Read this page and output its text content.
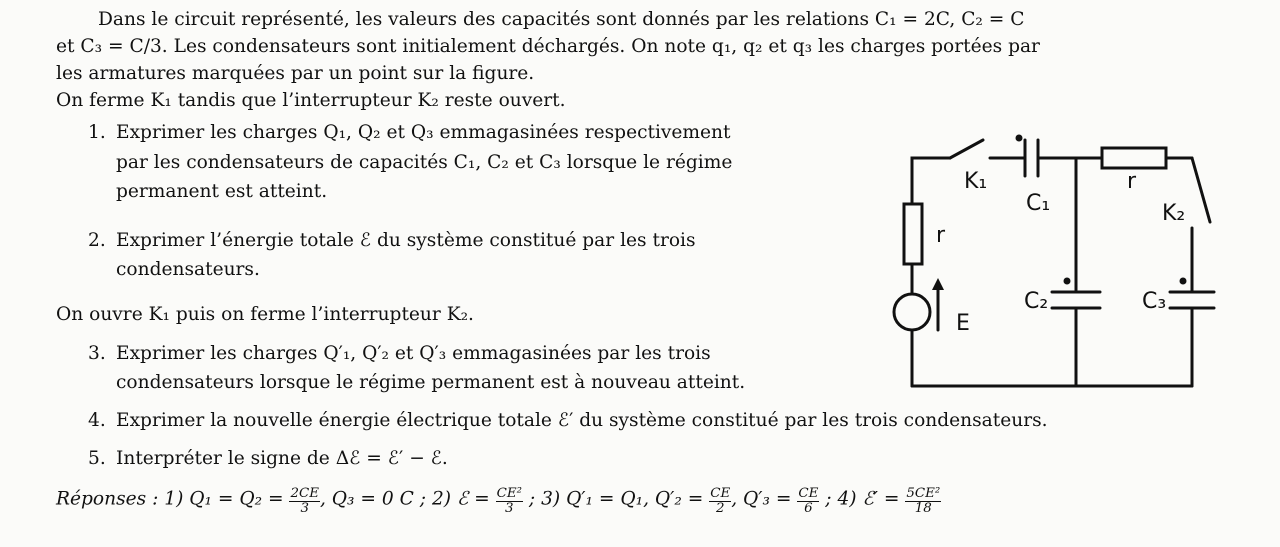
Dans le circuit représenté, les valeurs des capacités sont donnés par les relations C₁ = 2C, C₂ = C
et C₃ = C/3. Les condensateurs sont initialement déchargés. On note q₁, q₂ et q₃ les charges portées par
les armatures marquées par un point sur la figure.
On ferme K₁ tandis que l’interrupteur K₂ reste ouvert.
1. Exprimer les charges Q₁, Q₂ et Q₃ emmagasinées respectivement
par les condensateurs de capacités C₁, C₂ et C₃ lorsque le régime
permanent est atteint.
2. Exprimer l’énergie totale ℰ du système constitué par les trois
condensateurs.
On ouvre K₁ puis on ferme l’interrupteur K₂.
3. Exprimer les charges Q′₁, Q′₂ et Q′₃ emmagasinées par les trois
condensateurs lorsque le régime permanent est à nouveau atteint.
4. Exprimer la nouvelle énergie électrique totale ℰ′ du système constitué par les trois condensateurs.
5. Interpréter le signe de Δℰ = ℰ′ − ℰ.
Réponses : 1) $Q_1 = Q_2 = \frac{2CE}{3}$ , Q₃ = 0 C ; 2) ℰ = $\frac{\text{CE²}}{3}$ ; 3) Q′₁ = Q₁, $Q'_2 = \frac{CE}{2}$ , $Q'_3 = \frac{CE}{6}$ ; 4) ℰ′ = $\frac{\text{5CE²}}{18}$
K₁
C₁
r
K₂
r
C₂	C₃
E
